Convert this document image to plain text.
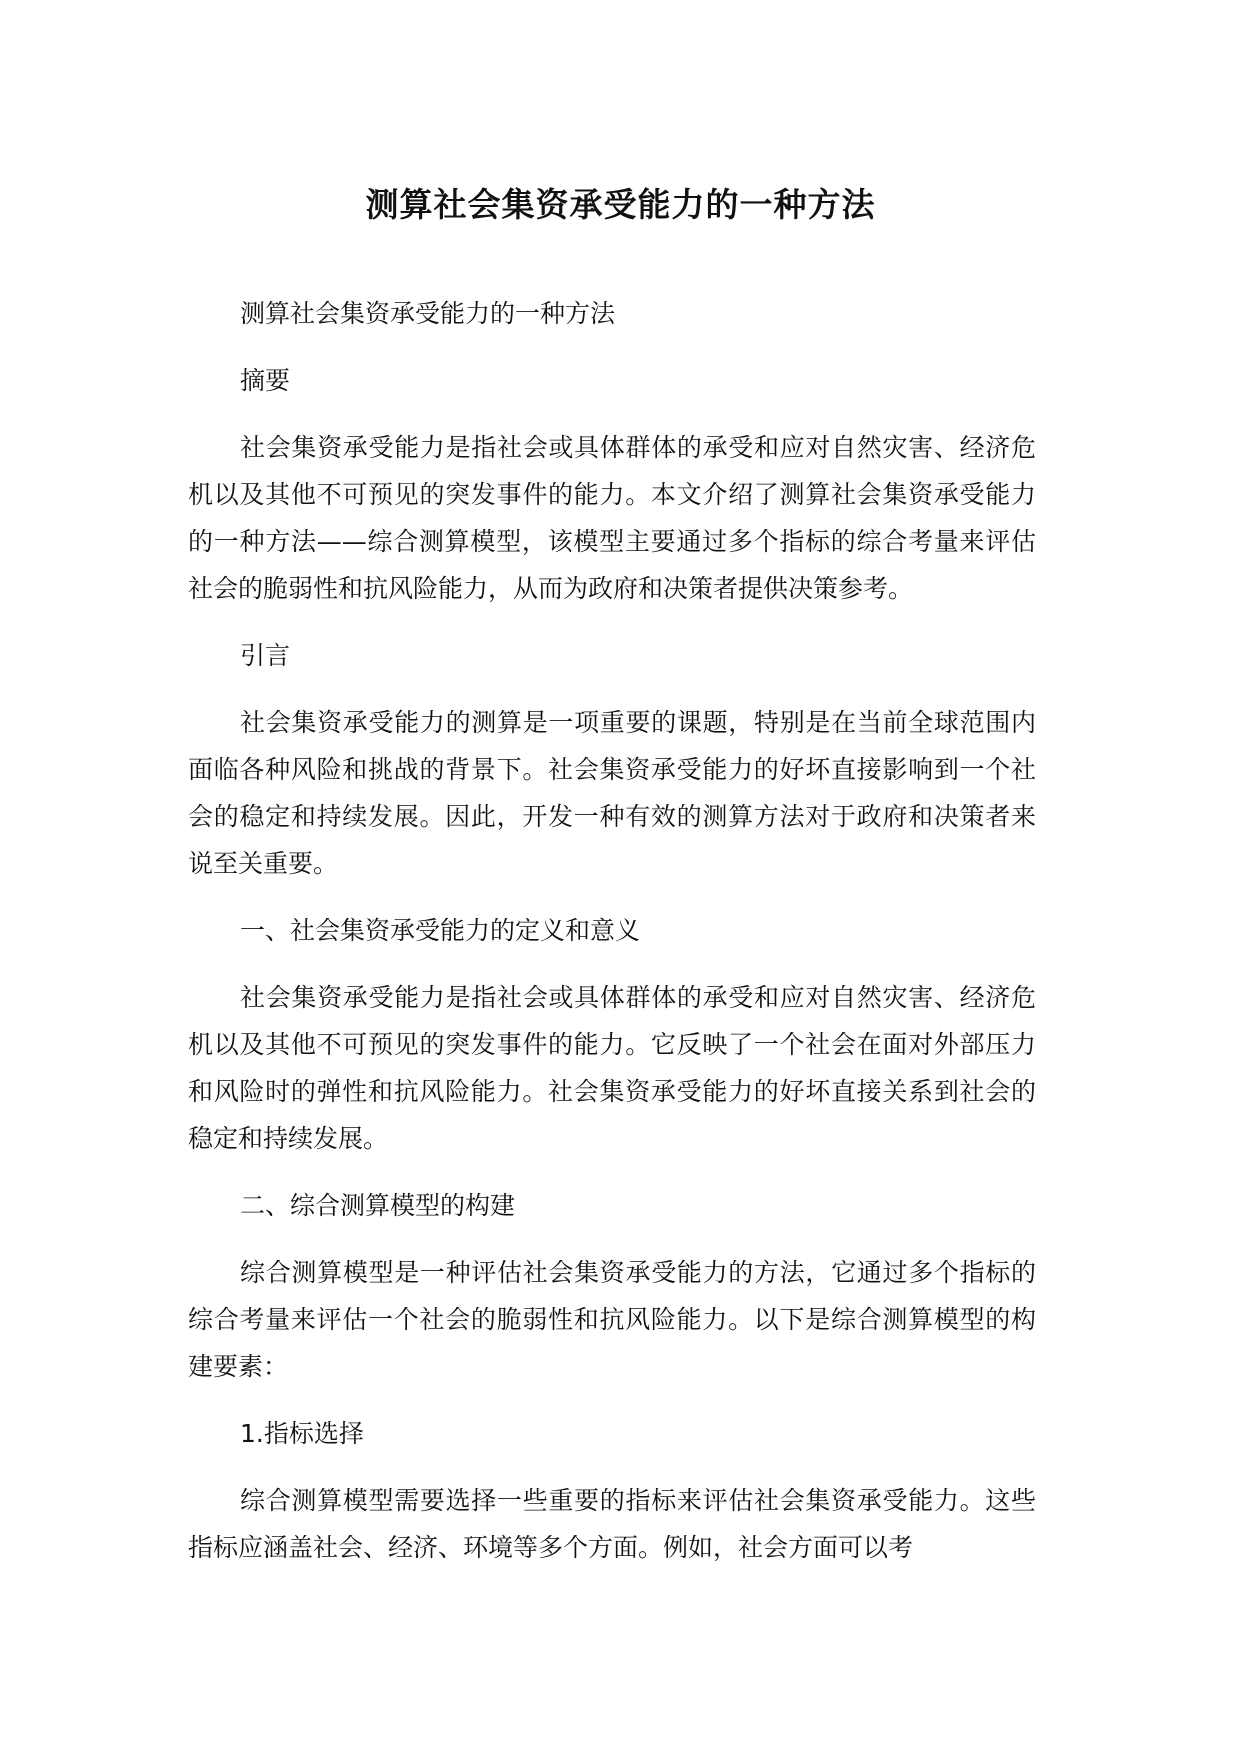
测算社会集资承受能力的一种方法

测算社会集资承受能力的一种方法

摘要

社会集资承受能力是指社会或具体群体的承受和应对自然灾害、经济危机以及其他不可预见的突发事件的能力。本文介绍了测算社会集资承受能力的一种方法——综合测算模型，该模型主要通过多个指标的综合考量来评估社会的脆弱性和抗风险能力，从而为政府和决策者提供决策参考。

引言

社会集资承受能力的测算是一项重要的课题，特别是在当前全球范围内面临各种风险和挑战的背景下。社会集资承受能力的好坏直接影响到一个社会的稳定和持续发展。因此，开发一种有效的测算方法对于政府和决策者来说至关重要。

一、社会集资承受能力的定义和意义

社会集资承受能力是指社会或具体群体的承受和应对自然灾害、经济危机以及其他不可预见的突发事件的能力。它反映了一个社会在面对外部压力和风险时的弹性和抗风险能力。社会集资承受能力的好坏直接关系到社会的稳定和持续发展。

二、综合测算模型的构建

综合测算模型是一种评估社会集资承受能力的方法，它通过多个指标的综合考量来评估一个社会的脆弱性和抗风险能力。以下是综合测算模型的构建要素：

1.指标选择

综合测算模型需要选择一些重要的指标来评估社会集资承受能力。这些指标应涵盖社会、经济、环境等多个方面。例如，社会方面可以考
